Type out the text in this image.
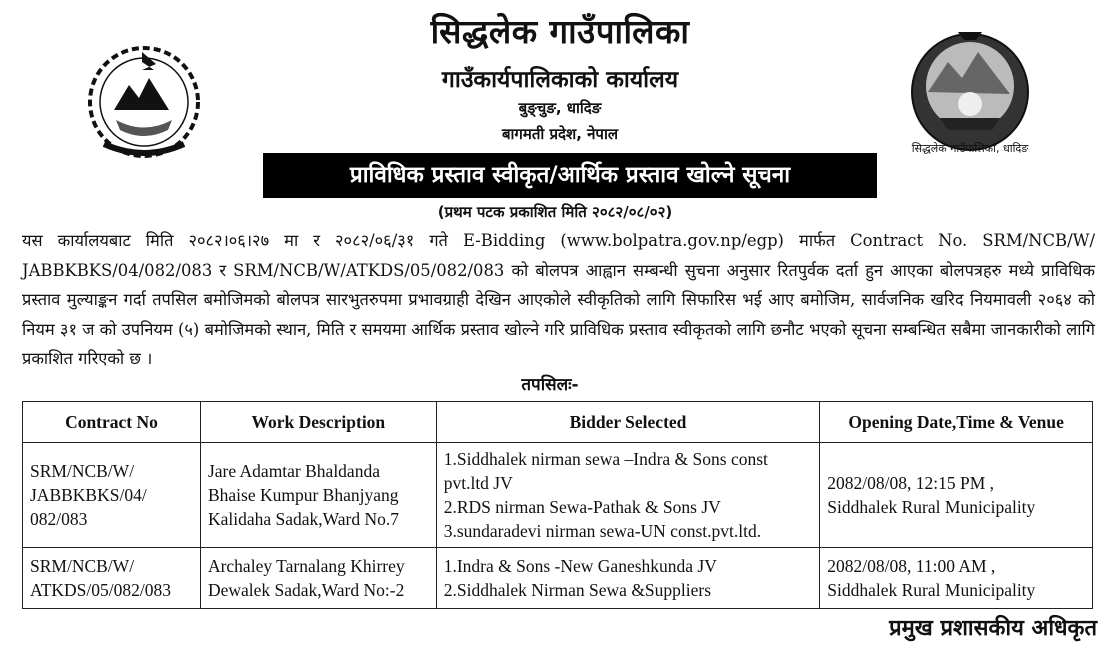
सिद्धलेक गाउँपालिका, धादिङ
सिद्धलेक गाउँपालिका
गाउँकार्यपालिकाको कार्यालय
बुङ्चुङ, धादिङ
बागमती प्रदेश, नेपाल
प्राविधिक प्रस्ताव स्वीकृत/आर्थिक प्रस्ताव खोल्ने सूचना
(प्रथम पटक प्रकाशित मिति २०८२/०८/०२)
यस कार्यालयबाट मिति २०८२।०६।२७ मा र २०८२/०६/३१ गते E-Bidding (www.bolpatra.gov.np/egp) मार्फत Contract No. SRM/NCB/W/ JABBKBKS/04/082/083 र SRM/NCB/W/ATKDS/05/082/083 को बोलपत्र आह्वान सम्बन्धी सुचना अनुसार रितपुर्वक दर्ता हुन आएका बोलपत्रहरु मध्ये प्राविधिक प्रस्ताव मुल्याङ्कन गर्दा तपसिल बमोजिमको बोलपत्र सारभुतरुपमा प्रभावग्राही देखिन आएकोले स्वीकृतिको लागि सिफारिस भई आए बमोजिम, सार्वजनिक खरिद नियमावली २०६४ को नियम ३१ ज को उपनियम (५) बमोजिमको स्थान, मिति र समयमा आर्थिक प्रस्ताव खोल्ने गरि प्राविधिक प्रस्ताव स्वीकृतको लागि छनौट भएको सूचना सम्बन्धित सबैमा जानकारीको लागि प्रकाशित गरिएको छ ।
तपसिलः-
Contract No	Work Description	Bidder Selected	Opening Date,Time & Venue

SRM/NCB/W/
JABBKBKS/04/
082/083	Jare Adamtar Bhaldanda
Bhaise Kumpur Bhanjyang
Kalidaha Sadak,Ward No.7	1.Siddhalek nirman sewa –Indra & Sons const
pvt.ltd JV
2.RDS nirman Sewa-Pathak & Sons JV
3.sundaradevi nirman sewa-UN const.pvt.ltd.	2082/08/08, 12:15 PM ,
Siddhalek Rural Municipality

SRM/NCB/W/
ATKDS/05/082/083	Archaley Tarnalang Khirrey
Dewalek Sadak,Ward No:-2	1.Indra & Sons -New Ganeshkunda JV
2.Siddhalek Nirman Sewa &Suppliers	2082/08/08, 11:00 AM ,
Siddhalek Rural Municipality
प्रमुख प्रशासकीय अधिकृत
